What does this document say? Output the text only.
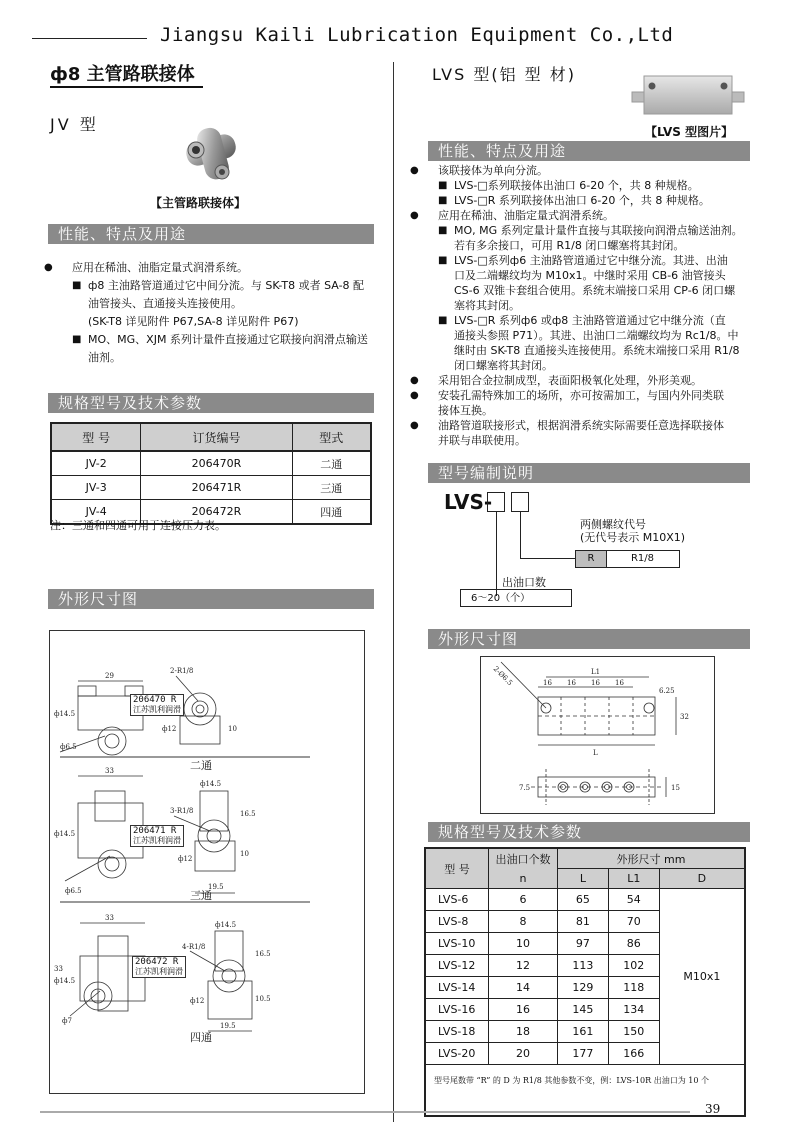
Jiangsu Kaili Lubrication Equipment Co.,Ltd
ф8 主管路联接体
JV 型
【主管路联接体】
性能、特点及用途
● 应用在稀油、油脂定量式润滑系统。
■ ф8 主油路管道通过它中间分流。与 SK-T8 或者 SA-8 配
油管接头、直通接头连接使用。
(SK-T8 详见附件 P67,SA-8 详见附件 P67)
■ MO、MG、XJM 系列计量件直接通过它联接向润滑点输送
油剂。
规格型号及技术参数
型 号	订货编号	型式
JV-2	206470R	二通
JV-3	206471R	三通
JV-4	206472R	四通
注：三通和四通可用于连接压力表。
外形尺寸图
29
ф14.5
ф6.5
2-R1/8
ф12	10
33
ф14.5
ф6.5
ф14.5
3-R1/8	16.5
10
ф12
19.5
33
33
ф14.5
ф7
ф14.5
4-R1/8
16.5
10.5
ф12
19.5
206470 R
江苏凯利润滑
206471 R
江苏凯利润滑
206472 R
江苏凯利润滑
二通
三通
四通
LVS 型(铝 型 材)
【LVS 型图片】
性能、特点及用途
● 该联接体为单向分流。
■ LVS-□系列联接体出油口 6-20 个，共 8 种规格。
■ LVS-□R 系列联接体出油口 6-20 个，共 8 种规格。
● 应用在稀油、油脂定量式润滑系统。
■ MO, MG 系列定量计量件直接与其联接向润滑点输送油剂。
若有多余接口，可用 R1/8 闭口螺塞将其封闭。
■ LVS-□系列ф6 主油路管道通过它中继分流。其进、出油
口及二端螺纹均为 M10x1。中继时采用 CB-6 油管接头
CS-6 双锥卡套组合使用。系统末端接口采用 CP-6 闭口螺
塞将其封闭。
■ LVS-□R 系列ф6 或ф8 主油路管道通过它中继分流（直
通接头参照 P71）。其进、出油口二端螺纹均为 Rc1/8。中
继时由 SK-T8 直通接头连接使用。系统末端接口采用 R1/8
闭口螺塞将其封闭。
● 采用铝合金拉制成型，表面阳极氧化处理，外形美观。
● 安装孔需特殊加工的场所，亦可按需加工，与国内外同类联
接体互换。
● 油路管道联接形式，根据润滑系统实际需要任意选择联接体
并联与串联使用。
型号编制说明
LVS-
两侧螺纹代号
(无代号表示 M10X1)
R	R1/8
出油口数
6～20（个）
外形尺寸图
2-Ø6.5	L1
16 16 16 16
6.25
32
L
7.5	15
规格型号及技术参数
型 号	出油口个数	外形尺寸 mm		
	n	L	L1	D
LVS-6	6	65	54	M10x1
LVS-8	8	81	70	
LVS-10	10	97	86	
LVS-12	12	113	102	
LVS-14	14	129	118	
LVS-16	16	145	134	
LVS-18	18	161	150	
LVS-20	20	177	166	
型号尾数带 “R” 的 D 为 R1/8 其他参数不变，例：LVS-10R 出油口为 10 个				
39
